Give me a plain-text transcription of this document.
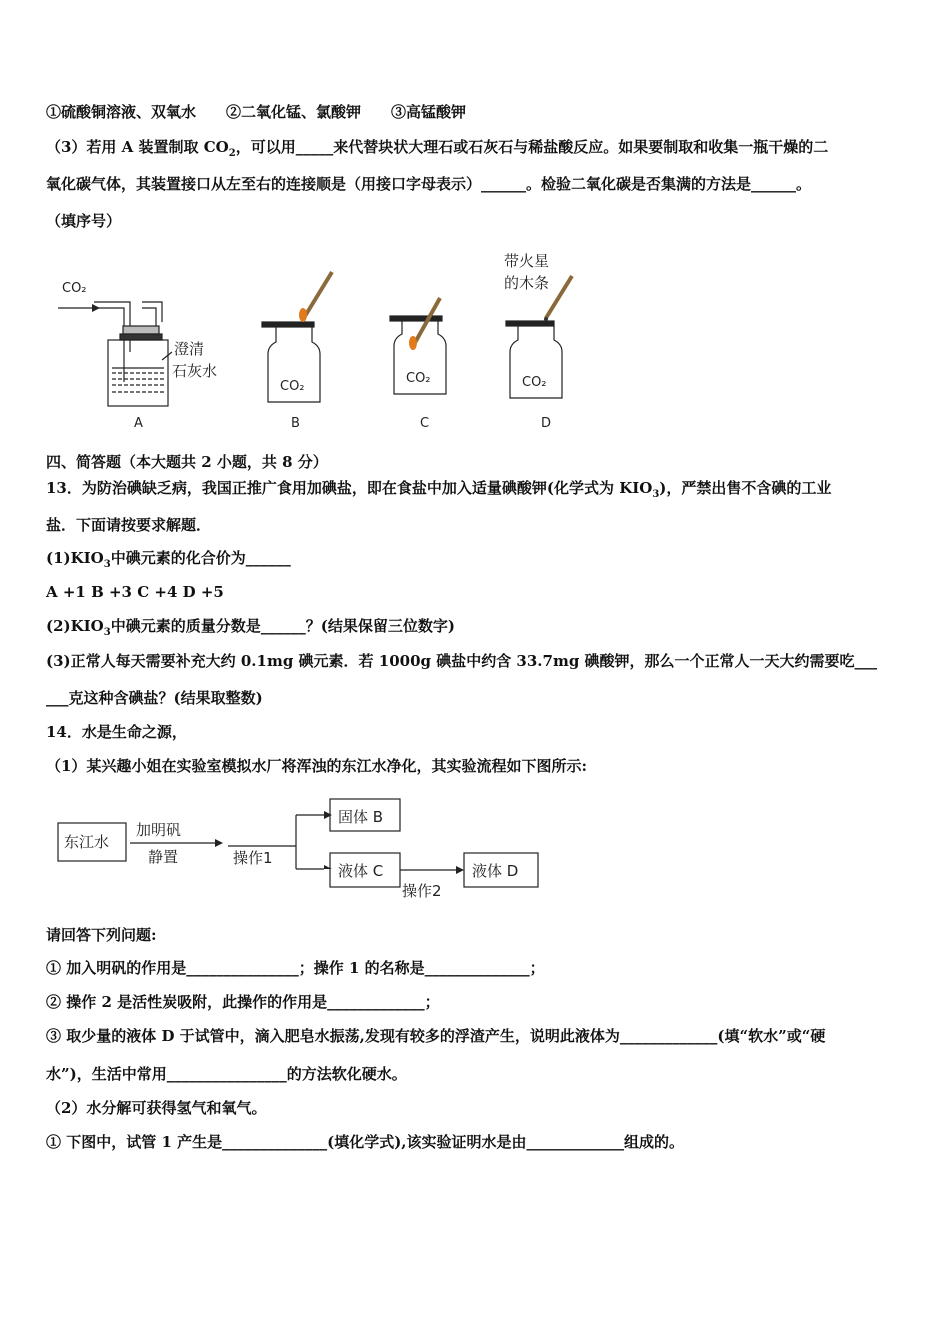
①硫酸铜溶液、双氧水　　②二氧化锰、氯酸钾　　③高锰酸钾
（3）若用 A 装置制取 $CO_2$，可以用_____来代替块状大理石或石灰石与稀盐酸反应。如果要制取和收集一瓶干燥的二
氧化碳气体，其装置接口从左至右的连接顺是（用接口字母表示）______。检验二氧化碳是否集满的方法是______。
（填序号）
CO₂
澄清
石灰水
A
CO₂
B
CO₂
C
带火星
的木条
CO₂
D
四、简答题（本大题共 2 小题，共 8 分）
13．为防治碘缺乏病，我国正推广食用加碘盐，即在食盐中加入适量碘酸钾(化学式为 $KIO_3$)，严禁出售不含碘的工业
盐．下面请按要求解题．
$(1)KIO_3$中碘元素的化合价为______
A +1 B +3 C +4 D +5
$(2)KIO_3$中碘元素的质量分数是______？(结果保留三位数字)
(3)正常人每天需要补充大约 0.1mg 碘元素．若 1000g 碘盐中约含 33.7mg 碘酸钾，那么一个正常人一天大约需要吃___
___克这种含碘盐？(结果取整数)
14．水是生命之源，
（1）某兴趣小姐在实验室模拟水厂将浑浊的东江水净化，其实验流程如下图所示:
东江水
加明矾
静置	操作1
固体 B
液体 C
操作2
液体 D
请回答下列问题:
① 加入明矾的作用是_______________；操作 1 的名称是______________；
② 操作 2 是活性炭吸附，此操作的作用是_____________；
③ 取少量的液体 D 于试管中，滴入肥皂水振荡,发现有较多的浮渣产生，说明此液体为_____________(填“软水”或“硬
水”)，生活中常用________________的方法软化硬水。
（2）水分解可获得氢气和氧气。
① 下图中，试管 1 产生是______________(填化学式),该实验证明水是由_____________组成的。
